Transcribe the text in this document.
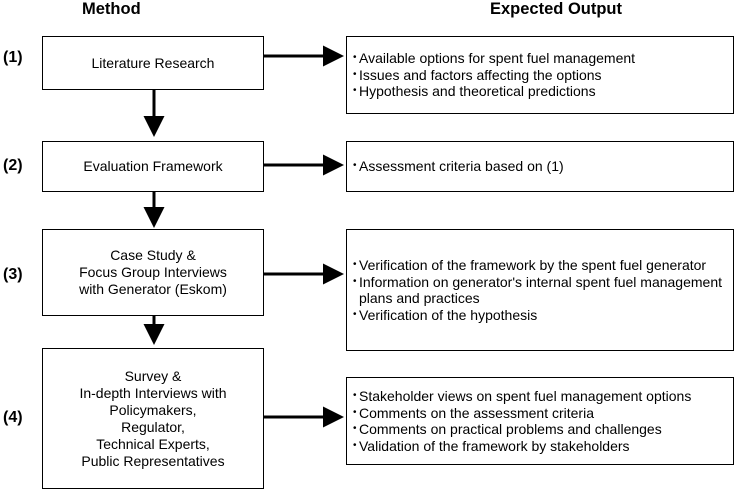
Method	Expected Output
(1)
(2)
(3)
(4)
Literature Research
Evaluation Framework
Case Study &
Focus Group Interviews
with Generator (Eskom)
Survey &
In-depth Interviews with
Policymakers,
Regulator,
Technical Experts,
Public Representatives
• Available options for spent fuel management
• Issues and factors affecting the options
• Hypothesis and theoretical predictions
• Assessment criteria based on (1)
• Verification of the framework by the spent fuel generator
• Information on generator's internal spent fuel management plans and practices
• Verification of the hypothesis
• Stakeholder views on spent fuel management options
• Comments on the assessment criteria
• Comments on practical problems and challenges
• Validation of the framework by stakeholders
